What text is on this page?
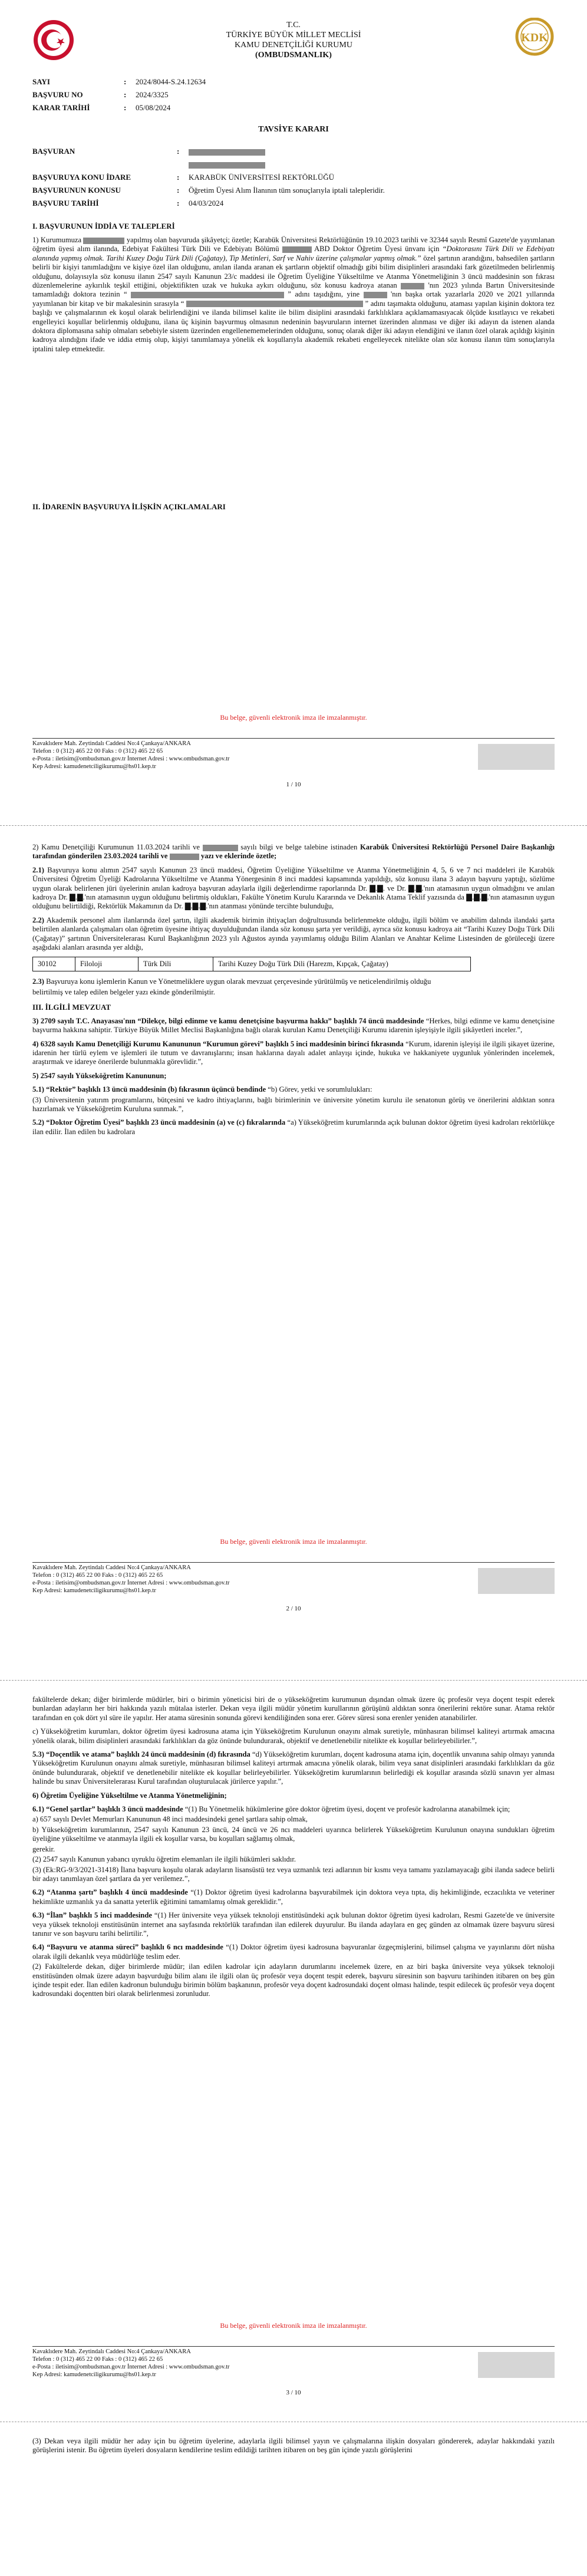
KDK
T.C.
TÜRKİYE BÜYÜK MİLLET MECLİSİ
KAMU DENETÇİLİĞİ KURUMU
(OMBUDSMANLIK)
SAYI	:	2024/8044-S.24.12634
BAŞVURU NO	:	2024/3325
KARAR TARİHİ	:	05/08/2024
TAVSİYE KARARI
BAŞVURAN	:
BAŞVURUYA KONU İDARE	:	KARABÜK ÜNİVERSİTESİ REKTÖRLÜĞÜ
BAŞVURUNUN KONUSU	:	Öğretim Üyesi Alım İlanının tüm sonuçlarıyla iptali talepleridir.
BAŞVURU TARİHİ	:	04/03/2024
I. BAŞVURUNUN İDDİA VE TALEPLERİ

1) Kurumumuza	yapılmış olan başvuruda şikâyetçi; özetle; Karabük Üniversitesi Rektörlüğünün 19.10.2023 tarihli ve 32344 sayılı Resmî Gazete'de yayımlanan öğretim üyesi alım ilanında, Edebiyat Fakültesi Türk Dili ve Edebiyatı Bölümü	ABD Doktor Öğretim Üyesi ünvanı için “Doktorasını Türk Dili ve Edebiyatı alanında yapmış olmak. Tarihi Kuzey Doğu Türk Dili (Çağatay), Tip Metinleri, Sarf ve Nahiv üzerine çalışmalar yapmış olmak.” özel şartının arandığını, bahsedilen şartların belirli bir kişiyi tanımladığını ve kişiye özel ilan olduğunu, anılan ilanda aranan ek şartların objektif olmadığı gibi bilim disiplinleri arasındaki fark gözetilmeden belirlenmiş olduğunu, dolayısıyla söz konusu ilanın 2547 sayılı Kanunun 23/c maddesi ile Öğretim Üyeliğine Yükseltilme ve Atanma Yönetmeliğinin 3 üncü maddesinin son fıkrası düzenlemelerine aykırılık teşkil ettiğini, objektifikten uzak ve hukuka aykırı olduğunu, söz konusu kadroya atanan	'nın 2023 yılında Bartın Üniversitesinde tamamladığı doktora tezinin “	” adını taşıdığını, yine	'nın başka ortak yazarlarla 2020 ve 2021 yıllarında yayımlanan bir kitap ve bir makalesinin sırasıyla “	” adını taşımakta olduğunu, ataması yapılan kişinin doktora tez başlığı ve çalışmalarının ek koşul olarak belirlendiğini ve ilanda bilimsel kalite ile bilim disiplini arasındaki farklılıklara açıklamamasıyacak ölçüde kısıtlayıcı ve rekabeti engelleyici koşullar belirlenmiş olduğunu, ilana üç kişinin başvurmuş olmasının nedeninin başvuruların internet üzerinden alınması ve diğer iki adayın da istenen alanda doktora diplomasına sahip olmaları sebebiyle sistem üzerinden engellenememelerinden olduğunu, sonuç olarak diğer iki adayın elendiğini ve ilanın özel olarak açıldığı kişinin kadroya alındığını ifade ve iddia etmiş olup, kişiyi tanımlamaya yönelik ek koşullarıyla akademik rekabeti engelleyecek nitelikte olan söz konusu ilanın tüm sonuçlarıyla iptalini talep etmektedir.

II. İDARENİN BAŞVURUYA İLİŞKİN AÇIKLAMALARI
Bu belge, güvenli elektronik imza ile imzalanmıştır.
Kavaklıdere Mah. Zeytindalı Caddesi No:4 Çankaya/ANKARA
Telefon : 0 (312) 465 22 00 Faks : 0 (312) 465 22 65
e-Posta : iletisim@ombudsman.gov.tr İnternet Adresi : www.ombudsman.gov.tr
Kep Adresi: kamudenetciligikurumu@hs01.kep.tr
1 / 10

2) Kamu Denetçiliği Kurumunun 11.03.2024 tarihli ve	sayılı bilgi ve belge talebine istinaden Karabük Üniversitesi Rektörlüğü Personel Daire Başkanlığı tarafından gönderilen 23.03.2024 tarihli ve	yazı ve eklerinde özetle;

2.1) Başvuruya konu alımın 2547 sayılı Kanunun 23 üncü maddesi, Öğretim Üyeliğine Yükseltilme ve Atanma Yönetmeliğinin 4, 5, 6 ve 7 nci maddeleri ile Karabük Üniversitesi Öğretim Üyeliği Kadrolarına Yükseltilme ve Atanma Yönergesinin 8 inci maddesi kapsamında yapıldığı, söz konusu ilana 3 adayın başvuru yaptığı, sözlüme uygun olarak belirlenen jüri üyelerinin anılan kadroya başvuran adaylarla ilgili değerlendirme raporlarında Dr. ▇.▇. ve Dr. ▇.▇.'nın atamasının uygun olmadığını ve anılan kadroya Dr. ▇.▇.'nın atamasının uygun olduğunu belirtmiş oldukları, Fakülte Yönetim Kurulu Kararında ve Dekanlık Atama Teklif yazısında da ▇.▇.▇.'nın atamasının uygun olduğunu belirtildiği, Rektörlük Makamının da Dr. ▇.▇.▇.'nın atanması yönünde tercihte bulunduğu,

2.2) Akademik personel alım ilanlarında özel şartın, ilgili akademik birimin ihtiyaçları doğrultusunda belirlenmekte olduğu, ilgili bölüm ve anabilim dalında ilandaki şarta belirtilen alanlarda çalışmaları olan öğretim üyesine ihtiyaç duyulduğundan ilanda söz konusu şarta yer verildiği, ayrıca söz konusu kadroya ait “Tarihi Kuzey Doğu Türk Dili (Çağatay)” şartının Üniversitelerarası Kurul Başkanlığının 2023 yılı Ağustos ayında yayımlamış olduğu Bilim Alanları ve Anahtar Kelime Listesinden de görüleceği üzere aşağıdaki alanları arasında yer aldığı,

30102	Filoloji	Türk Dili	Tarihi Kuzey Doğu Türk Dili (Harezm, Kıpçak, Çağatay)

2.3) Başvuruya konu işlemlerin Kanun ve Yönetmeliklere uygun olarak mevzuat çerçevesinde yürütülmüş ve neticelendirilmiş olduğu

belirtilmiş ve talep edilen belgeler yazı ekinde gönderilmiştir.

III. İLGİLİ MEVZUAT

3) 2709 sayılı T.C. Anayasası'nın “Dilekçe, bilgi edinme ve kamu denetçisine başvurma hakkı” başlıklı 74 üncü maddesinde “Herkes, bilgi edinme ve kamu denetçisine başvurma hakkına sahiptir. Türkiye Büyük Millet Meclisi Başkanlığına bağlı olarak kurulan Kamu Denetçiliği Kurumu idarenin işleyişiyle ilgili şikâyetleri inceler.”,

4) 6328 sayılı Kamu Denetçiliği Kurumu Kanununun “Kurumun görevi” başlıklı 5 inci maddesinin birinci fıkrasında “Kurum, idarenin işleyişi ile ilgili şikayet üzerine, idarenin her türlü eylem ve işlemleri ile tutum ve davranışlarını; insan haklarına dayalı adalet anlayışı içinde, hukuka ve hakkaniyete uygunluk yönlerinden incelemek, araştırmak ve idareye önerilerde bulunmakla görevlidir.”,

5) 2547 sayılı Yükseköğretim Kanununun;

5.1) “Rektör” başlıklı 13 üncü maddesinin (b) fıkrasının üçüncü bendinde “b) Görev, yetki ve sorumlulukları:

(3) Üniversitenin yatırım programlarını, bütçesini ve kadro ihtiyaçlarını, bağlı birimlerinin ve üniversite yönetim kurulu ile senatonun görüş ve önerilerini aldıktan sonra hazırlamak ve Yükseköğretim Kuruluna sunmak.”,

5.2) “Doktor Öğretim Üyesi” başlıklı 23 üncü maddesinin (a) ve (c) fıkralarında “a) Yükseköğretim kurumlarında açık bulunan doktor öğretim üyesi kadroları rektörlükçe ilan edilir. İlan edilen bu kadrolara

Bu belge, güvenli elektronik imza ile imzalanmıştır.
Kavaklıdere Mah. Zeytindalı Caddesi No:4 Çankaya/ANKARA
Telefon : 0 (312) 465 22 00 Faks : 0 (312) 465 22 65
e-Posta : iletisim@ombudsman.gov.tr İnternet Adresi : www.ombudsman.gov.tr
Kep Adresi: kamudenetciligikurumu@hs01.kep.tr
2 / 10

fakültelerde dekan; diğer birimlerde müdürler, biri o birimin yöneticisi biri de o yükseköğretim kurumunun dışından olmak üzere üç profesör veya doçent tespit ederek bunlardan adayların her biri hakkında yazılı mütalaa isterler. Dekan veya ilgili müdür yönetim kurullarının görüşünü aldıktan sonra önerilerini rektöre sunar. Atama rektör tarafından en çok dört yıl süre ile yapılır. Her atama süresinin sonunda görevi kendiliğinden sona erer. Görev süresi sona erenler yeniden atanabilirler.

c) Yükseköğretim kurumları, doktor öğretim üyesi kadrosuna atama için Yükseköğretim Kurulunun onayını almak suretiyle, münhasıran bilimsel kaliteyi artırmak amacına yönelik olarak, bilim disiplinleri arasındaki farklılıkları da göz önünde bulundurarak, objektif ve denetlenebilir nitelikte ek koşullar belirleyebilirler.”,

5.3) “Doçentlik ve atama” başlıklı 24 üncü maddesinin (d) fıkrasında “d) Yükseköğretim kurumları, doçent kadrosuna atama için, doçentlik unvanına sahip olmayı yanında Yükseköğretim Kurulunun onayını almak suretiyle, münhasıran bilimsel kaliteyi artırmak amacına yönelik olarak, bilim veya sanat disiplinleri arasındaki farklılıkları da göz önünde bulundurarak, objektif ve denetlenebilir nitelikte ek koşullar belirleyebilirler. Yükseköğretim kurumlarının belirlediği ek koşullar arasında sözlü sınavın yer alması halinde bu sınav Üniversitelerarası Kurul tarafından oluşturulacak jürilerce yapılır.”,

6) Öğretim Üyeliğine Yükseltilme ve Atanma Yönetmeliğinin;

6.1) “Genel şartlar” başlıklı 3 üncü maddesinde “(1) Bu Yönetmelik hükümlerine göre doktor öğretim üyesi, doçent ve profesör kadrolarına atanabilmek için;

a) 657 sayılı Devlet Memurları Kanununun 48 inci maddesindeki genel şartlara sahip olmak,

b) Yükseköğretim kurumlarının, 2547 sayılı Kanunun 23 üncü, 24 üncü ve 26 ncı maddeleri uyarınca belirlerek Yükseköğretim Kurulunun onayına sundukları öğretim üyeliğine yükseltilme ve atanmayla ilgili ek koşullar varsa, bu koşulları sağlamış olmak,

gerekir.

(2) 2547 sayılı Kanunun yabancı uyruklu öğretim elemanları ile ilgili hükümleri saklıdır.

(3) (Ek:RG-9/3/2021-31418) İlana başvuru koşulu olarak adayların lisansüstü tez veya uzmanlık tezi adlarının bir kısmı veya tamamı yazılamayacağı gibi ilanda sadece belirli bir adayı tanımlayan özel şartlara da yer verilemez.”,

6.2) “Atanma şartı” başlıklı 4 üncü maddesinde “(1) Doktor öğretim üyesi kadrolarına başvurabilmek için doktora veya tıpta, diş hekimliğinde, eczacılıkta ve veteriner hekimlikte uzmanlık ya da sanatta yeterlik eğitimini tamamlamış olmak gereklidir.”,

6.3) “İlan” başlıklı 5 inci maddesinde “(1) Her üniversite veya yüksek teknoloji enstitüsündeki açık bulunan doktor öğretim üyesi kadroları, Resmi Gazete'de ve üniversite veya yüksek teknoloji enstitüsünün internet ana sayfasında rektörlük tarafından ilan edilerek duyurulur. Bu ilanda adaylara en geç günden az olmamak üzere başvuru süresi tanınır ve son başvuru tarihi belirtilir.”,

6.4) “Başvuru ve atanma süreci” başlıklı 6 ncı maddesinde “(1) Doktor öğretim üyesi kadrosuna başvuranlar özgeçmişlerini, bilimsel çalışma ve yayınlarını dört nüsha olarak ilgili dekanlık veya müdürlüğe teslim eder.

(2) Fakültelerde dekan, diğer birimlerde müdür; ilan edilen kadrolar için adayların durumlarını incelemek üzere, en az biri başka üniversite veya yüksek teknoloji enstitüsünden olmak üzere adayın başvurduğu bilim alanı ile ilgili olan üç profesör veya doçent tespit ederek, başvuru süresinin son başvuru tarihinden itibaren on beş gün içinde tespit eder. İlan edilen kadronun bulunduğu birimin bölüm başkanının, profesör veya doçent kadrosundaki doçent olması halinde, tespit edilecek üç profesör veya doçent kadrosundaki doçentten biri olarak belirlenmesi zorunludur.

Bu belge, güvenli elektronik imza ile imzalanmıştır.
Kavaklıdere Mah. Zeytindalı Caddesi No:4 Çankaya/ANKARA
Telefon : 0 (312) 465 22 00 Faks : 0 (312) 465 22 65
e-Posta : iletisim@ombudsman.gov.tr İnternet Adresi : www.ombudsman.gov.tr
Kep Adresi: kamudenetciligikurumu@hs01.kep.tr
3 / 10

(3) Dekan veya ilgili müdür her aday için bu öğretim üyelerine, adaylarla ilgili bilimsel yayın ve çalışmalarına ilişkin dosyaları göndererek, adaylar hakkındaki yazılı görüşlerini istenir. Bu öğretim üyeleri dosyaların kendilerine teslim edildiği tarihten itibaren on beş gün içinde yazılı görüşlerini
